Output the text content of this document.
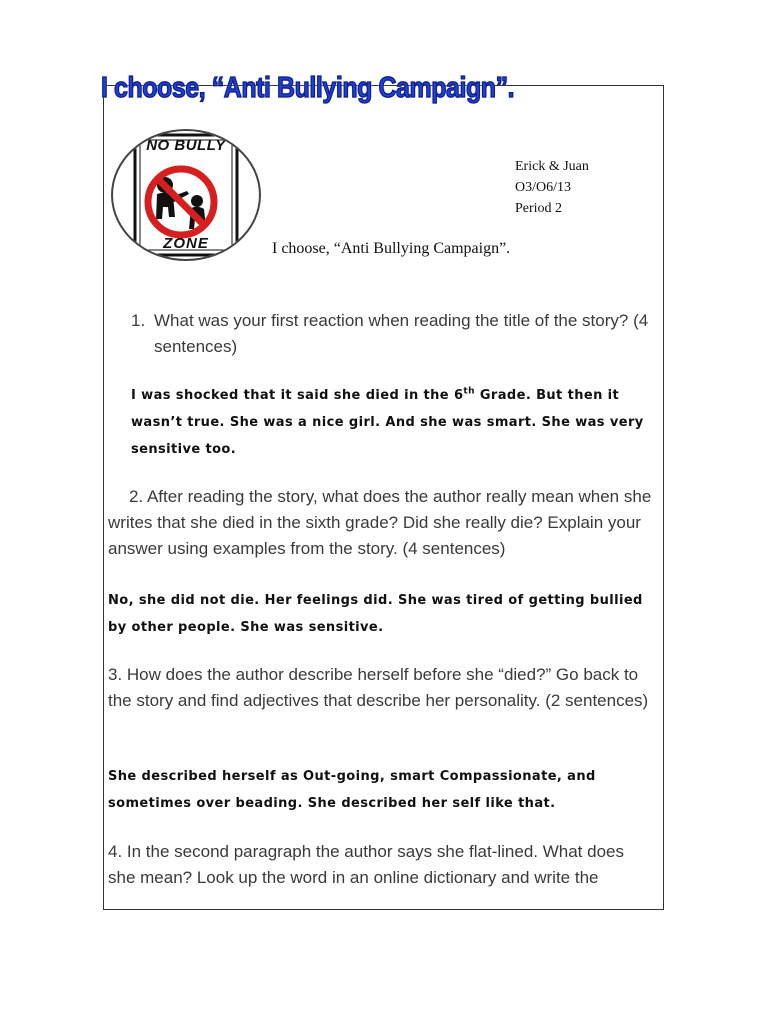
I choose, “Anti Bullying Campaign”.
NO BULLY
ZONE
Erick & Juan
O3/O6/13
Period 2
I choose, “Anti Bullying Campaign”.
1. What was your first reaction when reading the title of the story? (4 sentences)
I was shocked that it said she died in the 6th Grade. But then it wasn’t true. She was a nice girl. And she was smart. She was very sensitive too.
2. After reading the story, what does the author really mean when she writes that she died in the sixth grade? Did she really die? Explain your answer using examples from the story. (4 sentences)
No, she did not die. Her feelings did. She was tired of getting bullied by other people. She was sensitive.
3. How does the author describe herself before she “died?” Go back to the story and find adjectives that describe her personality. (2 sentences)
She described herself as Out-going, smart Compassionate, and sometimes over beading. She described her self like that.
4. In the second paragraph the author says she flat-lined. What does she mean? Look up the word in an online dictionary and write the
